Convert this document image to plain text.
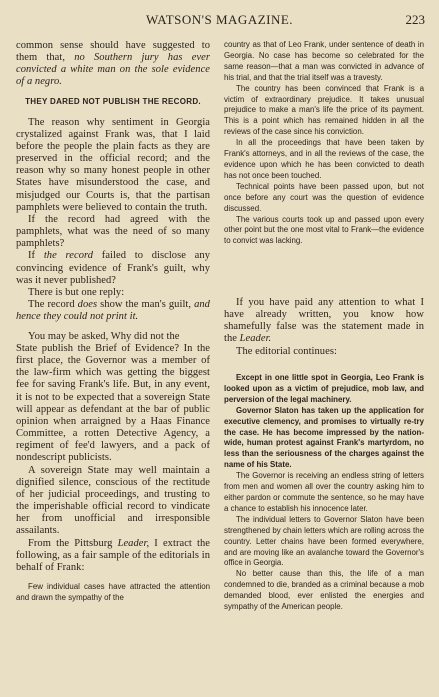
WATSON'S MAGAZINE.	223

common sense should have suggested to them that, no Southern jury has ever convicted a white man on the sole evidence of a negro.

THEY DARED NOT PUBLISH THE RECORD.

The reason why sentiment in Georgia crystalized against Frank was, that I laid before the people the plain facts as they are preserved in the official record; and the reason why so many honest people in other States have misunderstood the case, and misjudged our Courts is, that the partisan pamphlets were believed to contain the truth.

If the record had agreed with the pamphlets, what was the need of so many pamphlets?

If the record failed to disclose any convincing evidence of Frank's guilt, why was it never published?

There is but one reply:

The record does show the man's guilt, and hence they could not print it.

country as that of Leo Frank, under sentence of death in Georgia. No case has become so celebrated for the same reason—that a man was convicted in advance of his trial, and that the trial itself was a travesty.

The country has been convinced that Frank is a victim of extraordinary prejudice. It takes unusual prejudice to make a man's life the price of its payment. This is a point which has remained hidden in all the reviews of the case since his conviction.

In all the proceedings that have been taken by Frank's attorneys, and in all the reviews of the case, the evidence upon which he has been convicted to death has not once been touched.

Technical points have been passed upon, but not once before any court was the question of evidence discussed.

The various courts took up and passed upon every other point but the one most vital to Frank—the evidence to convict was lacking.

You may be asked, Why did not the

If you have paid any attention to what I have already written, you know how shamefully false was the statement made in the Leader.

The editorial continues:

State publish the Brief of Evidence? In the first place, the Governor was a member of the law-firm which was getting the biggest fee for saving Frank's life. But, in any event, it is not to be expected that a sovereign State will appear as defendant at the bar of public opinion when arraigned by a Haas Finance Committee, a rotten Detective Agency, a regiment of fee'd lawyers, and a pack of nondescript publicists.

A sovereign State may well maintain a dignified silence, conscious of the rectitude of her judicial proceedings, and trusting to the imperishable official record to vindicate her from unofficial and irresponsible assailants.

From the Pittsburg Leader, I extract the following, as a fair sample of the editorials in behalf of Frank:

Few individual cases have attracted the attention and drawn the sympathy of the

Except in one little spot in Georgia, Leo Frank is looked upon as a victim of prejudice, mob law, and perversion of the legal machinery.

Governor Slaton has taken up the application for executive clemency, and promises to virtually re-try the case. He has become impressed by the nation-wide, human protest against Frank's martyrdom, no less than the seriousness of the charges against the name of his State.

The Governor is receiving an endless string of letters from men and women all over the country asking him to either pardon or commute the sentence, so he may have a chance to establish his innocence later.

The individual letters to Governor Slaton have been strengthened by chain letters which are rolling across the country. Letter chains have been formed everywhere, and are moving like an avalanche toward the Governor's office in Georgia.

No better cause than this, the life of a man condemned to die, branded as a criminal because a mob demanded blood, ever enlisted the energies and sympathy of the American people.
